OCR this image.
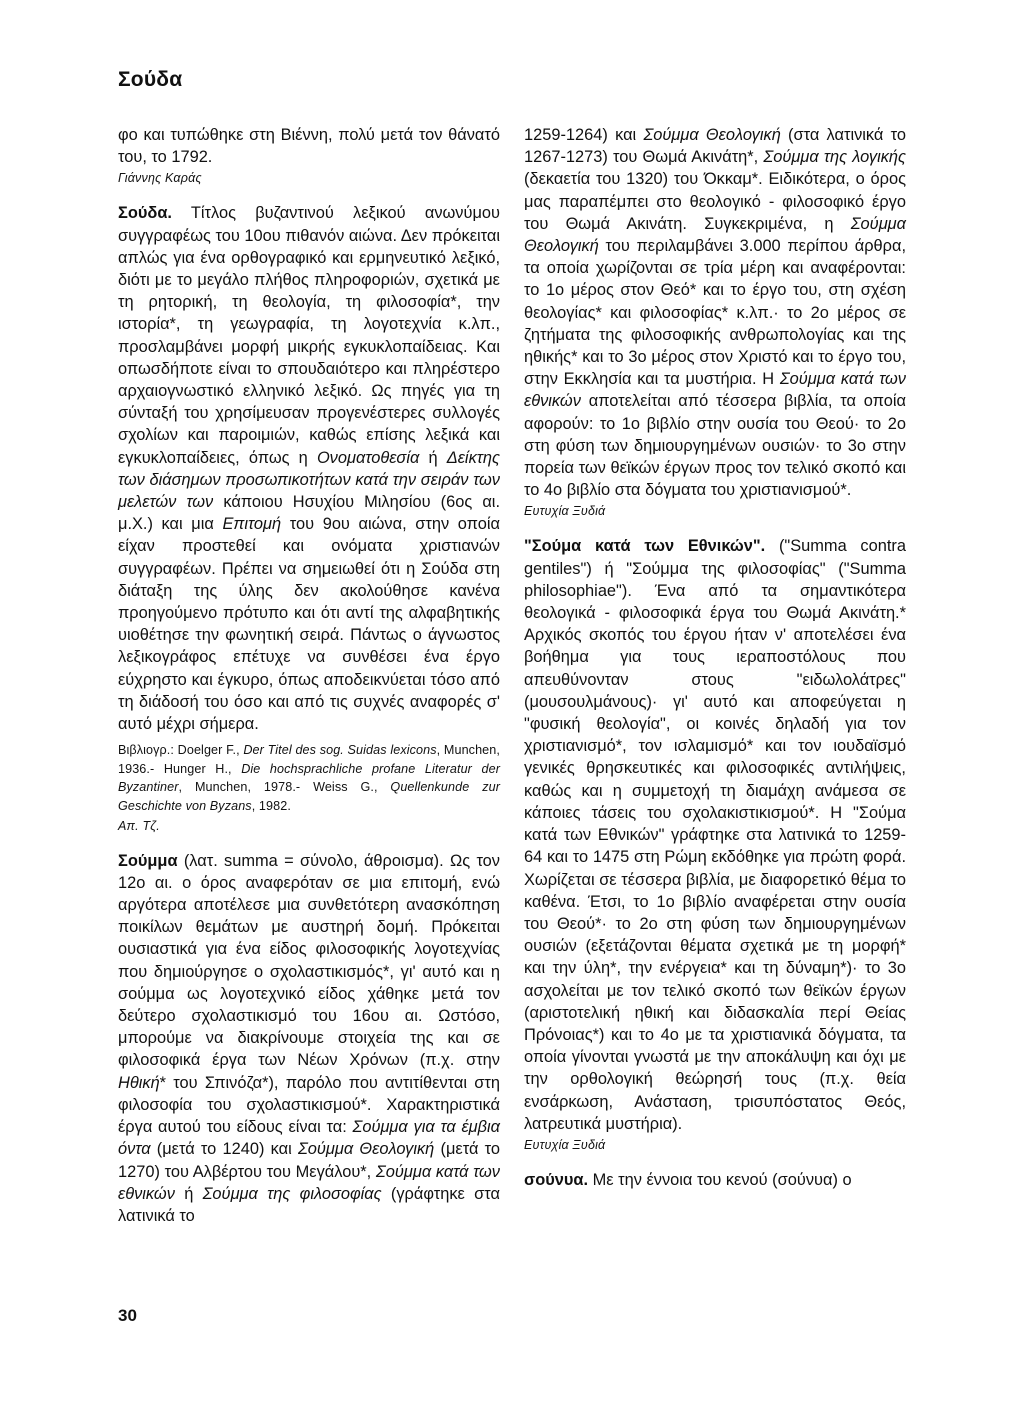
Σούδα

φο και τυπώθηκε στη Βιέννη, πολύ μετά τον θάνατό του, το 1792.

Γιάννης Καράς

Σούδα. Τίτλος βυζαντινού λεξικού ανωνύμου συγγραφέως του 10ου πιθανόν αιώνα. Δεν πρόκειται απλώς για ένα ορθογραφικό και ερμηνευτικό λεξικό, διότι με το μεγάλο πλήθος πληροφοριών, σχετικά με τη ρητορική, τη θεολογία, τη φιλοσοφία*, την ιστορία*, τη γεωγραφία, τη λογοτεχνία κ.λπ., προσλαμβάνει μορφή μικρής εγκυκλοπαίδειας. Και οπωσδήποτε είναι το σπουδαιότερο και πληρέστερο αρχαιογνωστικό ελληνικό λεξικό. Ως πηγές για τη σύνταξή του χρησίμευσαν προγενέστερες συλλογές σχολίων και παροιμιών, καθώς επίσης λεξικά και εγκυκλοπαίδειες, όπως η Ονοματοθεσία ή Δείκτης των διάσημων προσωπικοτήτων κατά την σειράν των μελετών των κάποιου Ησυχίου Μιλησίου (6ος αι. μ.Χ.) και μια Επιτομή του 9ου αιώνα, στην οποία είχαν προστεθεί και ονόματα χριστιανών συγγραφέων. Πρέπει να σημειωθεί ότι η Σούδα στη διάταξη της ύλης δεν ακολούθησε κανένα προηγούμενο πρότυπο και ότι αντί της αλφαβητικής υιοθέτησε την φωνητική σειρά. Πάντως ο άγνωστος λεξικογράφος επέτυχε να συνθέσει ένα έργο εύχρηστο και έγκυρο, όπως αποδεικνύεται τόσο από τη διάδοσή του όσο και από τις συχνές αναφορές σ' αυτό μέχρι σήμερα.

Βιβλιογρ.: Doelger F., Der Titel des sog. Suidas lexicons, Munchen, 1936.- Hunger H., Die hochsprachliche profane Literatur der Byzantiner, Munchen, 1978.- Weiss G., Quellenkunde zur Geschichte von Byzans, 1982.

Απ. Τζ.

Σούμμα (λατ. summa = σύνολο, άθροισμα). Ως τον 12ο αι. ο όρος αναφερόταν σε μια επιτομή, ενώ αργότερα αποτέλεσε μια συνθετότερη ανασκόπηση ποικίλων θεμάτων με αυστηρή δομή. Πρόκειται ουσιαστικά για ένα είδος φιλοσοφικής λογοτεχνίας που δημιούργησε ο σχολαστικισμός*, γι' αυτό και η σούμμα ως λογοτεχνικό είδος χάθηκε μετά τον δεύτερο σχολαστικισμό του 16ου αι. Ωστόσο, μπορούμε να διακρίνουμε στοιχεία της και σε φιλοσοφικά έργα των Νέων Χρόνων (π.χ. στην Ηθική* του Σπινόζα*), παρόλο που αντιτίθενται στη φιλοσοφία του σχολαστικισμού*. Χαρακτηριστικά έργα αυτού του είδους είναι τα: Σούμμα για τα έμβια όντα (μετά το 1240) και Σούμμα Θεολογική (μετά το 1270) του Αλβέρτου του Μεγάλου*, Σούμμα κατά των εθνικών ή Σούμμα της φιλοσοφίας (γράφτηκε στα λατινικά το

1259-1264) και Σούμμα Θεολογική (στα λατινικά το 1267-1273) του Θωμά Ακινάτη*, Σούμμα της λογικής (δεκαετία του 1320) του Όκκαμ*. Ειδικότερα, ο όρος μας παραπέμπει στο θεολογικό - φιλοσοφικό έργο του Θωμά Ακινάτη. Συγκεκριμένα, η Σούμμα Θεολογική του περιλαμβάνει 3.000 περίπου άρθρα, τα οποία χωρίζονται σε τρία μέρη και αναφέρονται: το 1ο μέρος στον Θεό* και το έργο του, στη σχέση θεολογίας* και φιλοσοφίας* κ.λπ.· το 2ο μέρος σε ζητήματα της φιλοσοφικής ανθρωπολογίας και της ηθικής* και το 3ο μέρος στον Χριστό και το έργο του, στην Εκκλησία και τα μυστήρια. Η Σούμμα κατά των εθνικών αποτελείται από τέσσερα βιβλία, τα οποία αφορούν: το 1ο βιβλίο στην ουσία του Θεού· το 2ο στη φύση των δημιουργημένων ουσιών· το 3ο στην πορεία των θεϊκών έργων προς τον τελικό σκοπό και το 4ο βιβλίο στα δόγματα του χριστιανισμού*.

Ευτυχία Ξυδιά

"Σούμα κατά των Εθνικών". ("Summa contra gentiles") ή "Σούμμα της φιλοσοφίας" ("Summa philosophiae"). Ένα από τα σημαντικότερα θεολογικά - φιλοσοφικά έργα του Θωμά Ακινάτη.* Αρχικός σκοπός του έργου ήταν ν' αποτελέσει ένα βοήθημα για τους ιεραποστόλους που απευθύνονταν στους "ειδωλολάτρες" (μουσουλμάνους)· γι' αυτό και αποφεύγεται η "φυσική θεολογία", οι κοινές δηλαδή για τον χριστιανισμό*, τον ισλαμισμό* και τον ιουδαϊσμό γενικές θρησκευτικές και φιλοσοφικές αντιλήψεις, καθώς και η συμμετοχή τη διαμάχη ανάμεσα σε κάποιες τάσεις του σχολακιστικισμού*. Η "Σούμα κατά των Εθνικών" γράφτηκε στα λατινικά το 1259-64 και το 1475 στη Ρώμη εκδόθηκε για πρώτη φορά. Χωρίζεται σε τέσσερα βιβλία, με διαφορετικό θέμα το καθένα. Έτσι, το 1ο βιβλίο αναφέρεται στην ουσία του Θεού*· το 2ο στη φύση των δημιουργημένων ουσιών (εξετάζονται θέματα σχετικά με τη μορφή* και την ύλη*, την ενέργεια* και τη δύναμη*)· το 3ο ασχολείται με τον τελικό σκοπό των θεϊκών έργων (αριστοτελική ηθική και διδασκαλία περί Θείας Πρόνοιας*) και το 4ο με τα χριστιανικά δόγματα, τα οποία γίνονται γνωστά με την αποκάλυψη και όχι με την ορθολογική θεώρησή τους (π.χ. θεία ενσάρκωση, Ανάσταση, τρισυπόστατος Θεός, λατρευτικά μυστήρια).

Ευτυχία Ξυδιά

σούνυα. Με την έννοια του κενού (σούνυα) ο

30
